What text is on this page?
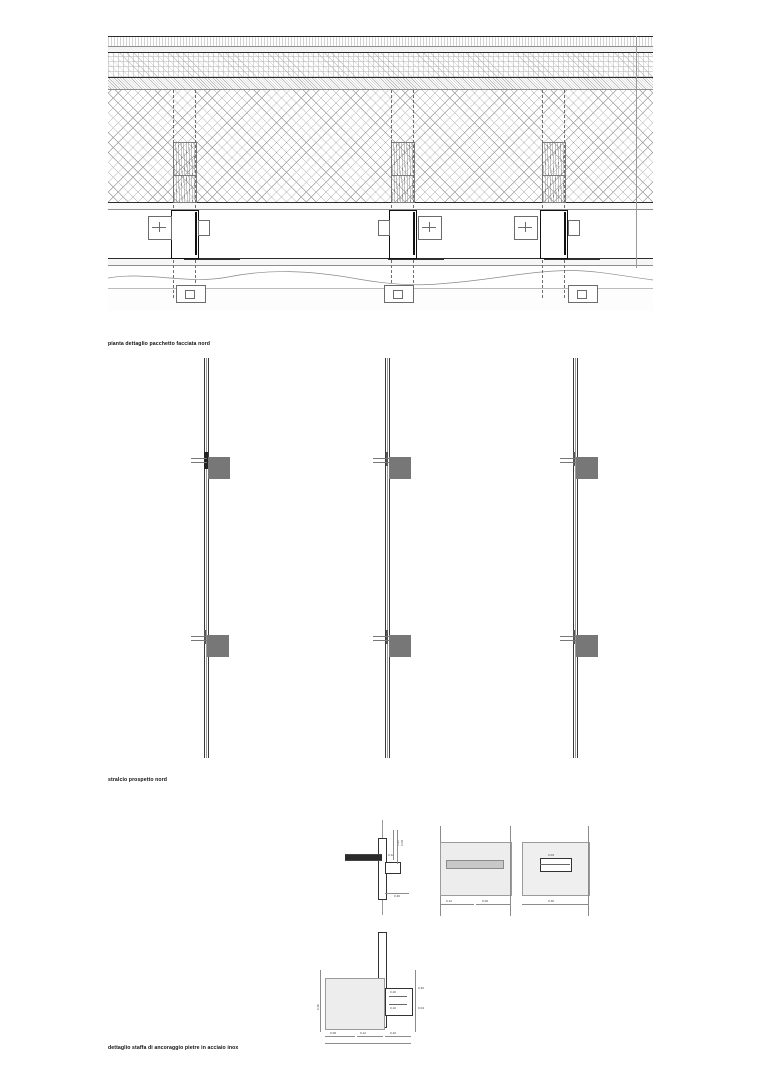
pianta dettaglio pacchetto facciata nord
stralcio prospetto nord
0.12
0.20 0.08
0.40
0.12	0.06
0.04
0.30
0.20
0.10
0.30
0.40
0.04
0.08	0.12	0.40
dettaglio staffa di ancoraggio pietre in acciaio inox
